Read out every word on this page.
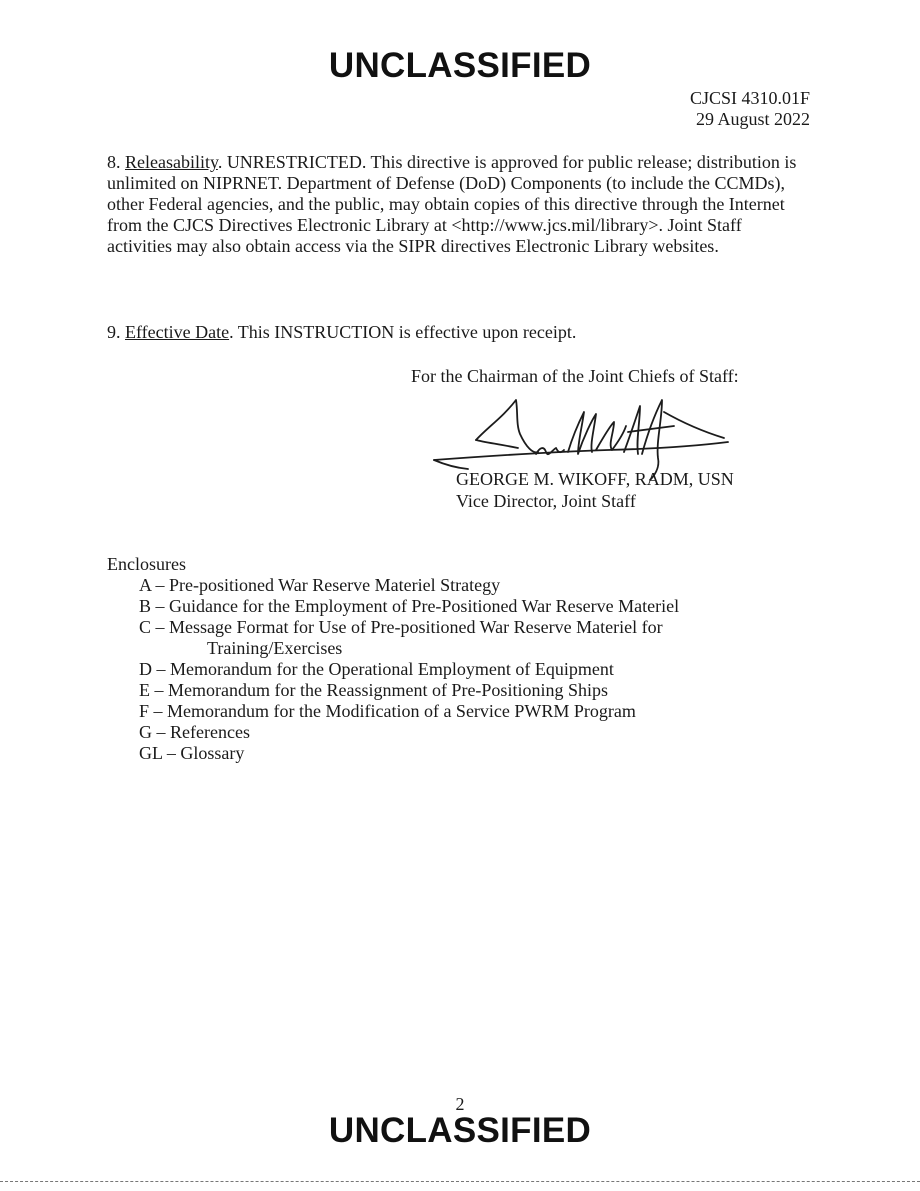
UNCLASSIFIED
CJCSI 4310.01F
29 August 2022
8. Releasability. UNRESTRICTED. This directive is approved for public release; distribution is unlimited on NIPRNET. Department of Defense (DoD) Components (to include the CCMDs), other Federal agencies, and the public, may obtain copies of this directive through the Internet from the CJCS Directives Electronic Library at <http://www.jcs.mil/library>. Joint Staff activities may also obtain access via the SIPR directives Electronic Library websites.
9. Effective Date. This INSTRUCTION is effective upon receipt.
For the Chairman of the Joint Chiefs of Staff:
GEORGE M. WIKOFF, RADM, USN
Vice Director, Joint Staff
Enclosures
A – Pre-positioned War Reserve Materiel Strategy
B – Guidance for the Employment of Pre-Positioned War Reserve Materiel
C – Message Format for Use of Pre-positioned War Reserve Materiel for
Training/Exercises
D – Memorandum for the Operational Employment of Equipment
E – Memorandum for the Reassignment of Pre-Positioning Ships
F – Memorandum for the Modification of a Service PWRM Program
G – References
GL – Glossary
2
UNCLASSIFIED
